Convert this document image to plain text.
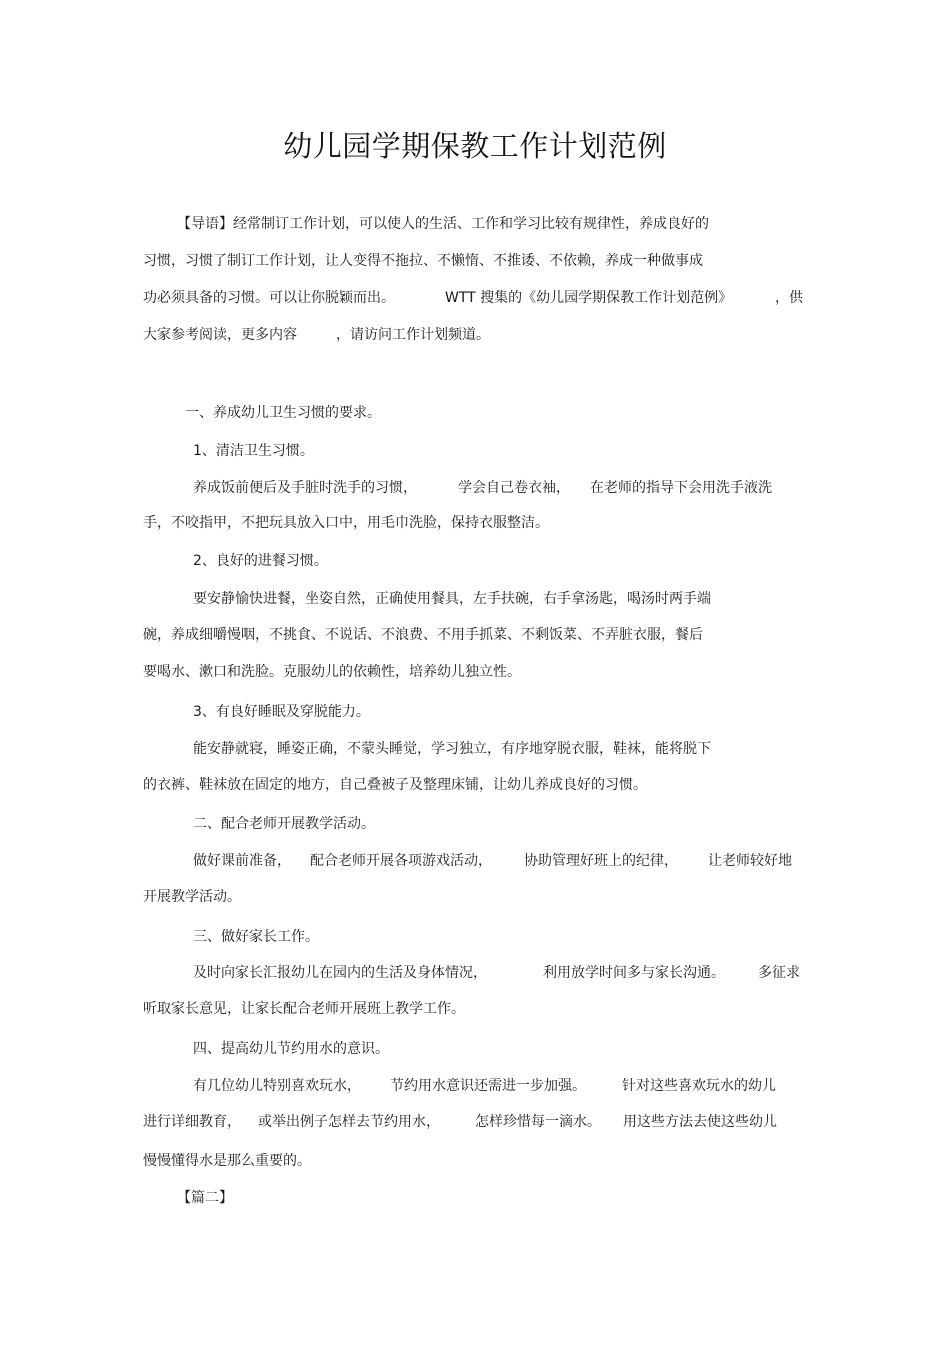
幼儿园学期保教工作计划范例
【导语】经常制订工作计划，可以使人的生活、工作和学习比较有规律性，养成良好的
习惯，习惯了制订工作计划，让人变得不拖拉、不懒惰、不推诿、不依赖，养成一种做事成
功必须具备的习惯。可以让你脱颖而出。	WTT 搜集的《幼儿园学期保教工作计划范例》	，供
大家参考阅读，更多内容	，请访问工作计划频道。
一、养成幼儿卫生习惯的要求。
1、清洁卫生习惯。
养成饭前便后及手脏时洗手的习惯，	学会自己卷衣袖， 在老师的指导下会用洗手液洗
手，不咬指甲，不把玩具放入口中，用毛巾洗脸，保持衣服整洁。
2、良好的进餐习惯。
要安静愉快进餐，坐姿自然，正确使用餐具，左手扶碗，右手拿汤匙，喝汤时两手端
碗，养成细嚼慢咽，不挑食、不说话、不浪费、不用手抓菜、不剩饭菜、不弄脏衣服，餐后
要喝水、漱口和洗脸。克服幼儿的依赖性，培养幼儿独立性。
3、有良好睡眠及穿脱能力。
能安静就寝，睡姿正确，不蒙头睡觉，学习独立，有序地穿脱衣服，鞋袜，能将脱下
的衣裤、鞋袜放在固定的地方，自己叠被子及整理床铺，让幼儿养成良好的习惯。
二、配合老师开展教学活动。
做好课前准备， 配合老师开展各项游戏活动， 协助管理好班上的纪律， 让老师较好地
开展教学活动。
三、做好家长工作。
及时向家长汇报幼儿在园内的生活及身体情况，	利用放学时间多与家长沟通。 多征求
听取家长意见，让家长配合老师开展班上教学工作。
四、提高幼儿节约用水的意识。
有几位幼儿特别喜欢玩水， 节约用水意识还需进一步加强。	针对这些喜欢玩水的幼儿
进行详细教育， 或举出例子怎样去节约用水，	怎样珍惜每一滴水。 用这些方法去使这些幼儿
慢慢懂得水是那么重要的。
【篇二】
